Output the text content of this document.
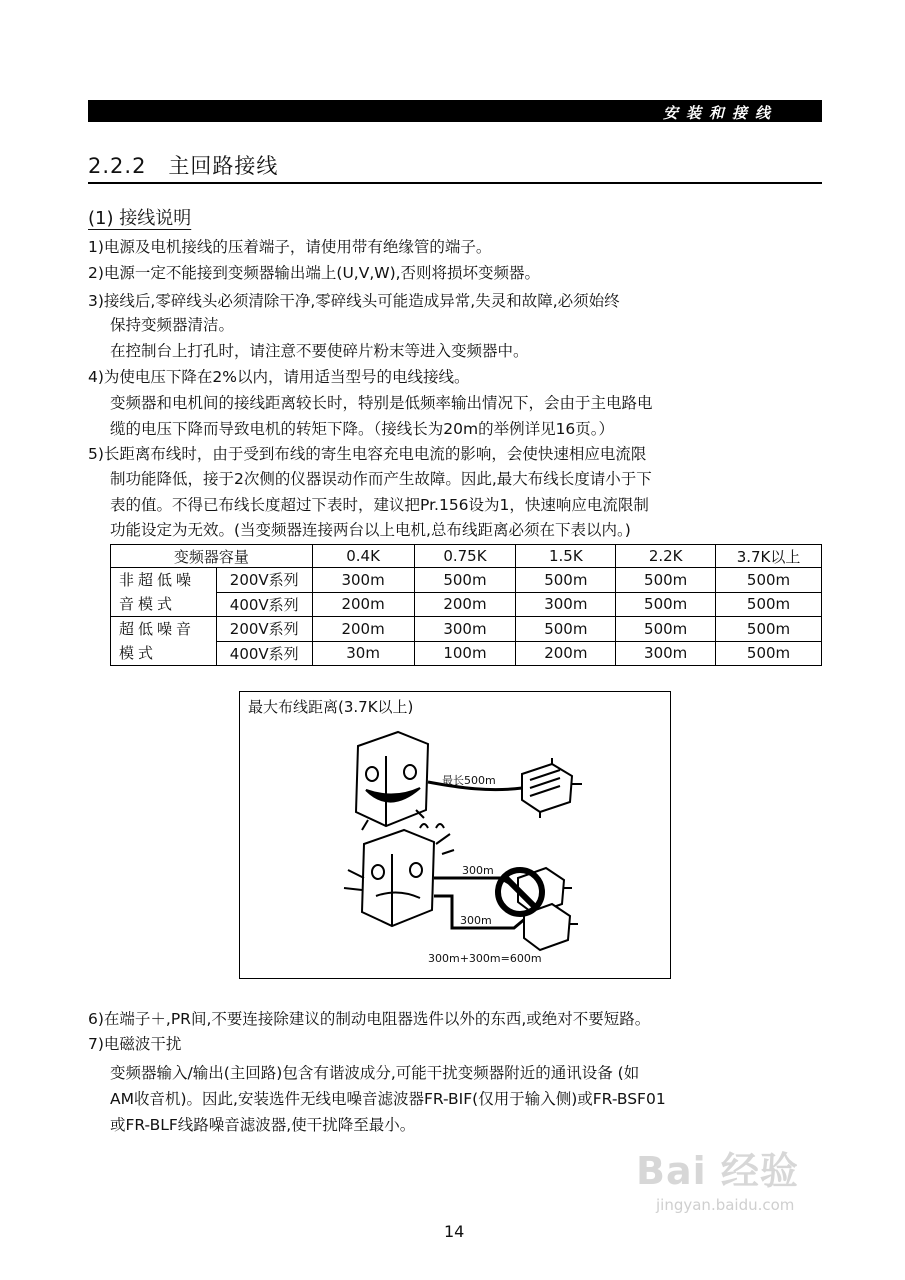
安装和接线
2.2.2　主回路接线
(1) 接线说明
1)电源及电机接线的压着端子，请使用带有绝缘管的端子。
2)电源一定不能接到变频器输出端上(U,V,W),否则将损坏变频器。
3)接线后,零碎线头必须清除干净,零碎线头可能造成异常,失灵和故障,必须始终
保持变频器清洁。
在控制台上打孔时，请注意不要使碎片粉末等进入变频器中。
4)为使电压下降在2%以内，请用适当型号的电线接线。
变频器和电机间的接线距离较长时，特别是低频率输出情况下，会由于主电路电
缆的电压下降而导致电机的转矩下降。（接线长为20m的举例详见16页。）
5)长距离布线时，由于受到布线的寄生电容充电电流的影响，会使快速相应电流限
制功能降低，接于2次侧的仪器误动作而产生故障。因此,最大布线长度请小于下
表的值。不得已布线长度超过下表时，建议把Pr.156设为1，快速响应电流限制
功能设定为无效。(当变频器连接两台以上电机,总布线距离必须在下表以内。)
变频器容量		0.4K	0.75K	1.5K	2.2K	3.7K以上

非超低噪
音模式	200V系列	300m	500m	500m	500m	500m
	400V系列	200m	200m	300m	500m	500m

超低噪音
模式	200V系列	200m	300m	500m	500m	500m
	400V系列	30m	100m	200m	300m	500m
最大布线距离(3.7K以上)
最长500m
300m
300m
300m+300m=600m
6)在端子＋,PR间,不要连接除建议的制动电阻器选件以外的东西,或绝对不要短路。
7)电磁波干扰
变频器输入/输出(主回路)包含有谐波成分,可能干扰变频器附近的通讯设备 (如
AM收音机)。因此,安装选件无线电噪音滤波器FR-BIF(仅用于输入侧)或FR-BSF01
或FR-BLF线路噪音滤波器,使干扰降至最小。
Bai 经验
jingyan.baidu.com
14
